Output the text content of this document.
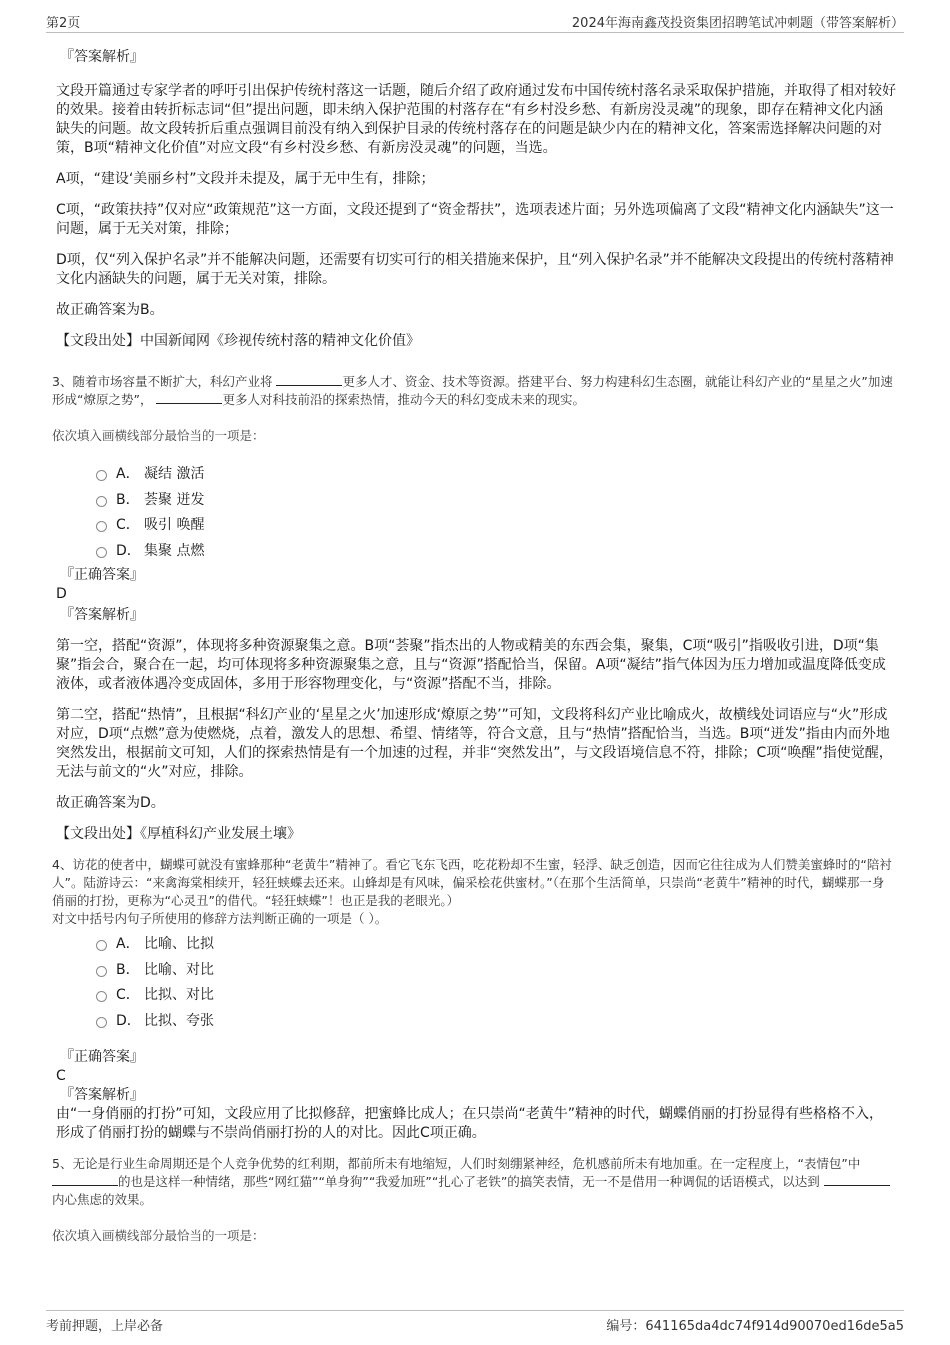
第2页	2024年海南鑫茂投资集团招聘笔试冲刺题（带答案解析）
『答案解析』

文段开篇通过专家学者的呼吁引出保护传统村落这一话题，随后介绍了政府通过发布中国传统村落名录采取保护措施，并取得了相对较好的效果。接着由转折标志词“但”提出问题，即未纳入保护范围的村落存在“有乡村没乡愁、有新房没灵魂”的现象，即存在精神文化内涵缺失的问题。故文段转折后重点强调目前没有纳入到保护目录的传统村落存在的问题是缺少内在的精神文化，答案需选择解决问题的对策，B项“精神文化价值”对应文段“有乡村没乡愁、有新房没灵魂”的问题，当选。

A项，“建设‘美丽乡村”文段并未提及，属于无中生有，排除；

C项，“政策扶持”仅对应“政策规范”这一方面，文段还提到了“资金帮扶”，选项表述片面；另外选项偏离了文段“精神文化内涵缺失”这一问题，属于无关对策，排除；

D项，仅“列入保护名录”并不能解决问题，还需要有切实可行的相关措施来保护，且“列入保护名录”并不能解决文段提出的传统村落精神文化内涵缺失的问题，属于无关对策，排除。

故正确答案为B。

【文段出处】中国新闻网《珍视传统村落的精神文化价值》

3、随着市场容量不断扩大，科幻产业将	更多人才、资金、技术等资源。搭建平台、努力构建科幻生态圈，就能让科幻产业的“星星之火”加速形成“燎原之势”，	更多人对科技前沿的探索热情，推动今天的科幻变成未来的现实。

依次填入画横线部分最恰当的一项是：

A． 凝结 激活
B． 荟聚 迸发
C． 吸引 唤醒
D． 集聚 点燃
『正确答案』
D
『答案解析』

第一空，搭配“资源”，体现将多种资源聚集之意。B项“荟聚”指杰出的人物或精美的东西会集，聚集，C项“吸引”指吸收引进，D项“集聚”指会合，聚合在一起，均可体现将多种资源聚集之意，且与“资源”搭配恰当，保留。A项“凝结”指气体因为压力增加或温度降低变成液体，或者液体遇冷变成固体，多用于形容物理变化，与“资源”搭配不当，排除。

第二空，搭配“热情”，且根据“科幻产业的‘星星之火’加速形成‘燎原之势’”可知，文段将科幻产业比喻成火，故横线处词语应与“火”形成对应，D项“点燃”意为使燃烧，点着，激发人的思想、希望、情绪等，符合文意，且与“热情”搭配恰当，当选。B项“迸发”指由内而外地突然发出，根据前文可知，人们的探索热情是有一个加速的过程，并非“突然发出”，与文段语境信息不符，排除；C项“唤醒”指使觉醒，无法与前文的“火”对应，排除。

故正确答案为D。

【文段出处】《厚植科幻产业发展土壤》

4、访花的使者中，蝴蝶可就没有蜜蜂那种“老黄牛”精神了。看它飞东飞西，吃花粉却不生蜜，轻浮、缺乏创造，因而它往往成为人们赞美蜜蜂时的“陪衬人”。陆游诗云：“来禽海棠相续开，轻狂蛱蝶去还来。山蜂却是有风味，偏采桧花供蜜材。”（在那个生活简单，只崇尚“老黄牛”精神的时代，蝴蝶那一身俏丽的打扮，更称为“心灵丑”的借代。“轻狂蛱蝶”！也正是我的老眼光。）

对文中括号内句子所使用的修辞方法判断正确的一项是（ ）。

A． 比喻、比拟
B． 比喻、对比
C． 比拟、对比
D． 比拟、夸张
『正确答案』
C
『答案解析』

由“一身俏丽的打扮”可知，文段应用了比拟修辞，把蜜蜂比成人；在只崇尚“老黄牛”精神的时代，蝴蝶俏丽的打扮显得有些格格不入，形成了俏丽打扮的蝴蝶与不崇尚俏丽打扮的人的对比。因此C项正确。

5、无论是行业生命周期还是个人竞争优势的红利期，都前所未有地缩短，人们时刻绷紧神经，危机感前所未有地加重。在一定程度上，“表情包”中 的也是这样一种情绪，那些“网红猫”“单身狗”“我爱加班”“扎心了老铁”的搞笑表情，无一不是借用一种调侃的话语模式，以达到 内心焦虑的效果。

依次填入画横线部分最恰当的一项是：

考前押题，上岸必备	编号：641165da4dc74f914d90070ed16de5a5
